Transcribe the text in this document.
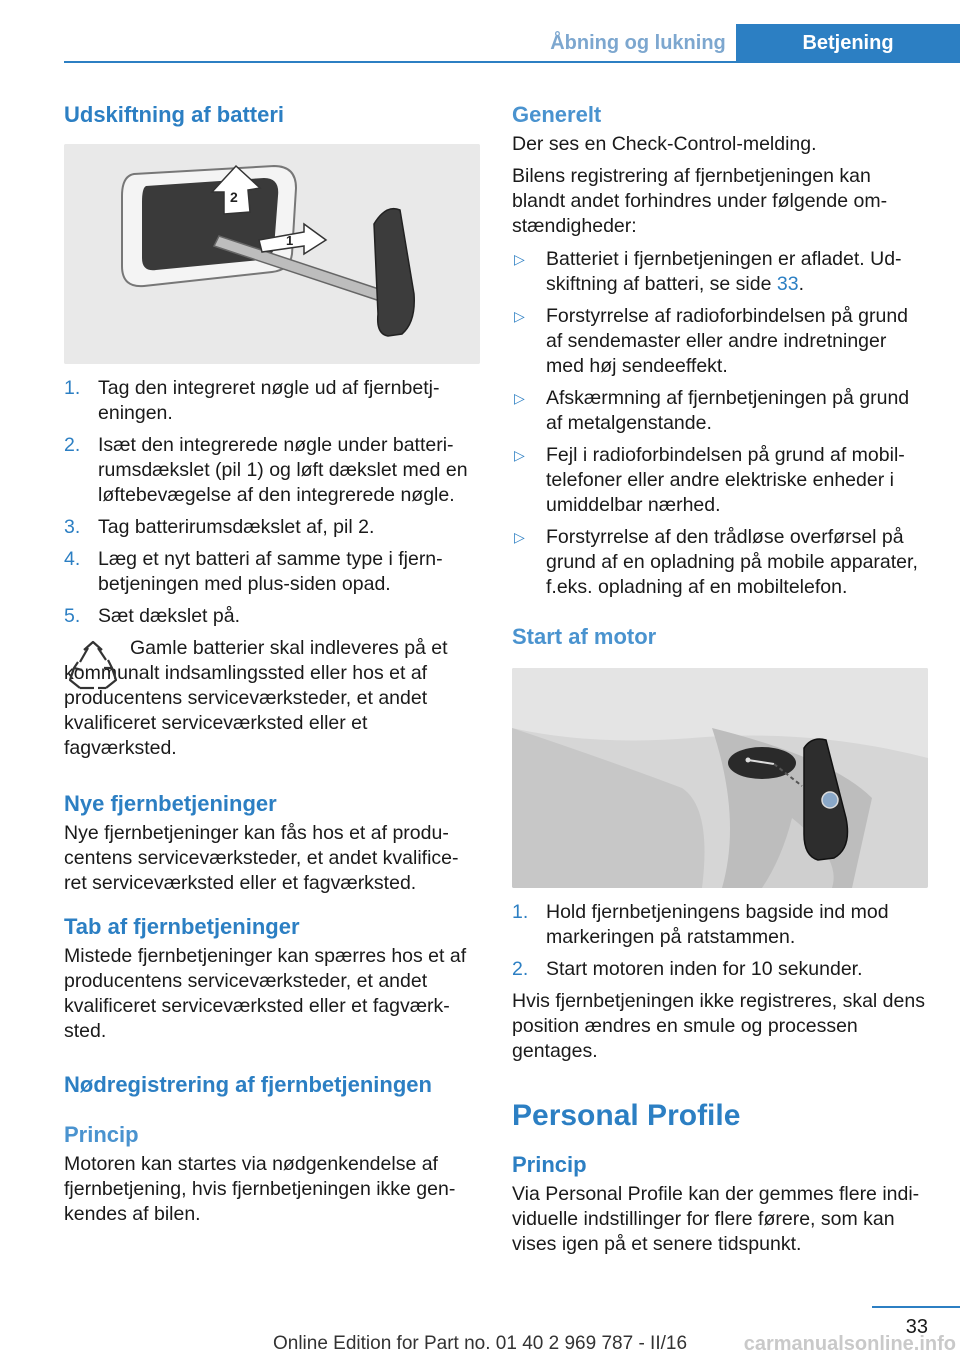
Åbning og lukning	Betjening
Udskiftning af batteri
1
2
1. Tag den integreret nøgle ud af fjernbetj‐eningen.
2. Isæt den integrerede nøgle under batteri‐rumsdækslet (pil 1) og løft dækslet med en løftebevægelse af den integrerede nøgle.
3. Tag batterirumsdækslet af, pil 2.
4. Læg et nyt batteri af samme type i fjern‐betjeningen med plus-siden opad.
5. Sæt dækslet på.

Gamle batterier skal indleveres på et kommunalt indsamlingssted eller hos et af producentens serviceværksteder, et andet kvalificeret serviceværksted eller et fagværksted.

Nye fjernbetjeninger

Nye fjernbetjeninger kan fås hos et af produ‐centens serviceværksteder, et andet kvalifice‐ret serviceværksted eller et fagværksted.

Tab af fjernbetjeninger

Mistede fjernbetjeninger kan spærres hos et af producentens serviceværksteder, et andet kvalificeret serviceværksted eller et fagværk‐sted.

Nødregistrering af fjernbetjeningen
Princip

Motoren kan startes via nødgenkendelse af fjernbetjening, hvis fjernbetjeningen ikke gen‐kendes af bilen.

Generelt

Der ses en Check-Control-melding.

Bilens registrering af fjernbetjeningen kan blandt andet forhindres under følgende om‐stændigheder:

▷ Batteriet i fjernbetjeningen er afladet. Ud‐skiftning af batteri, se side 33.
▷ Forstyrrelse af radioforbindelsen på grund af sendemaster eller andre indretninger med høj sendeeffekt.
▷ Afskærmning af fjernbetjeningen på grund af metalgenstande.
▷ Fejl i radioforbindelsen på grund af mobil‐telefoner eller andre elektriske enheder i umiddelbar nærhed.
▷ Forstyrrelse af den trådløse overførsel på grund af en opladning på mobile apparater, f.eks. opladning af en mobiltelefon.
Start af motor
1. Hold fjernbetjeningens bagside ind mod markeringen på ratstammen.
2. Start motoren inden for 10 sekunder.

Hvis fjernbetjeningen ikke registreres, skal dens position ændres en smule og processen gentages.

Personal Profile
Princip

Via Personal Profile kan der gemmes flere indi‐viduelle indstillinger for flere førere, som kan vises igen på et senere tidspunkt.

33
Online Edition for Part no. 01 40 2 969 787 - II/16	carmanualsonline.info
